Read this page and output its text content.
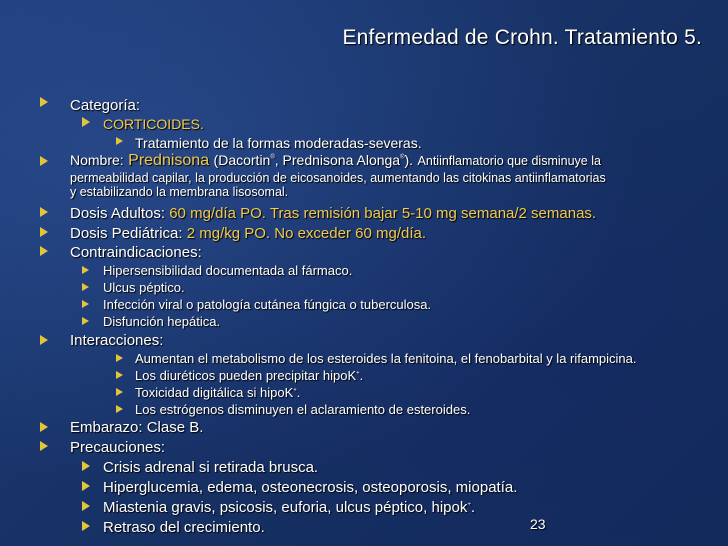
Enfermedad de Crohn. Tratamiento 5.
Categoría:
CORTICOIDES.
Tratamiento de la formas moderadas-severas.
Nombre: Prednisona (Dacortin®, Prednisona Alonga®). Antiinflamatorio que disminuye la
permeabilidad capilar, la producción de eicosanoides, aumentando las citokinas antiinflamatorias
y estabilizando la membrana lisosomal.
Dosis Adultos: 60 mg/día PO. Tras remisión bajar 5-10 mg semana/2 semanas.
Dosis Pediátrica: 2 mg/kg PO. No exceder 60 mg/día.
Contraindicaciones:
Hipersensibilidad documentada al fármaco.
Ulcus péptico.
Infección viral o patología cutánea fúngica o tuberculosa.
Disfunción hepática.
Interacciones:
Aumentan el metabolismo de los esteroides la fenitoina, el fenobarbital y la rifampicina.
Los diuréticos pueden precipitar hipoK+.
Toxicidad digitálica si hipoK+.
Los estrógenos disminuyen el aclaramiento de esteroides.
Embarazo: Clase B.
Precauciones:
Crisis adrenal si retirada brusca.
Hiperglucemia, edema, osteonecrosis, osteoporosis, miopatía.
Miastenia gravis, psicosis, euforia, ulcus péptico, hipok+.
Retraso del crecimiento.	23
